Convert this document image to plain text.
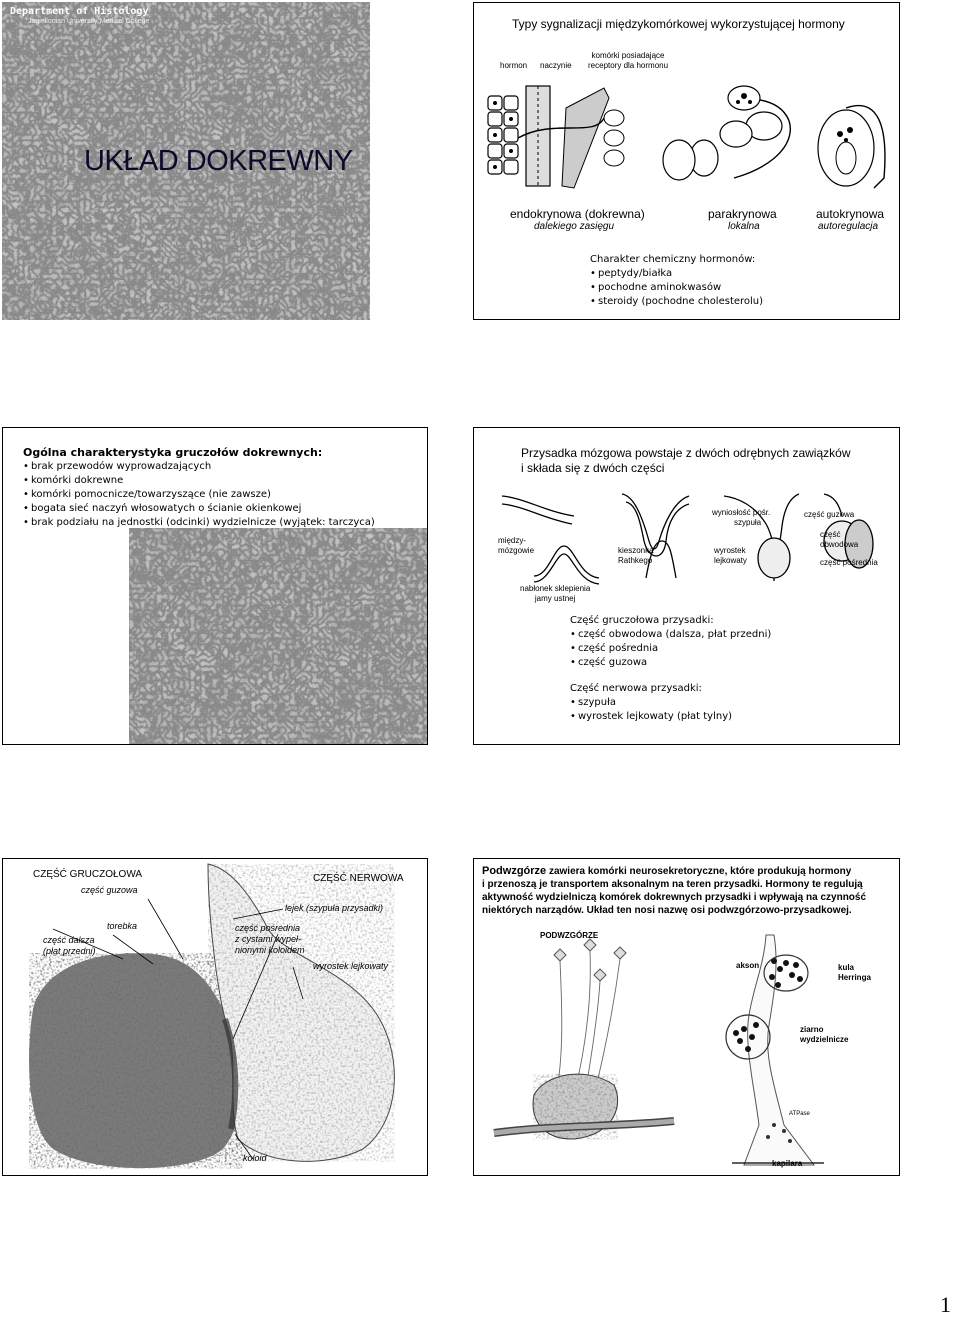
Department of Histology
Jagiellonian University Medical College
UKŁAD DOKREWNY
Typy sygnalizacji międzykomórkowej wykorzystującej hormony
hormon naczynie
komórki posiadające
receptory dla hormonu
endokrynowa (dokrewna)
dalekiego zasięgu
parakrynowa
lokalna
autokrynowa
autoregulacja
Charakter chemiczny hormonów:
• peptydy/białka
• pochodne aminokwasów
• steroidy (pochodne cholesterolu)
Ogólna charakterystyka gruczołów dokrewnych:
• brak przewodów wyprowadzających
• komórki dokrewne
• komórki pomocnicze/towarzyszące (nie zawsze)
• bogata sieć naczyń włosowatych o ścianie okienkowej
• brak podziału na jednostki (odcinki) wydzielnicze (wyjątek: tarczyca)
Przysadka mózgowa powstaje z dwóch odrębnych zawiązków
i składa się z dwóch części
między-
mózgowie
nabłonek sklepienia
jamy ustnej
kieszonka
Rathkego
wyniosłość pośr.
szypuła
wyrostek
lejkowaty
część guzowa
część
obwodowa
część pośrednia
Część gruczołowa przysadki:
• część obwodowa (dalsza, płat przedni)
• część pośrednia
• część guzowa
Część nerwowa przysadki:
• szypuła
• wyrostek lejkowaty (płat tylny)
CZĘŚĆ GRUCZOŁOWA	CZĘŚĆ NERWOWA
część guzowa
torebka
część dalsza
(płat przedni)
lejek (szypuła przysadki)
część pośrednia
z cystami wypeł-
nionymi koloidem
wyrostek lejkowaty
koloid
Podwzgórze zawiera komórki neurosekretoryczne, które produkują hormony
i przenoszą je transportem aksonalnym na teren przysadki. Hormony te regulują
aktywność wydzielniczą komórek dokrewnych przysadki i wpływają na czynność
niektórych narządów. Układ ten nosi nazwę osi podwzgórzowo-przysadkowej.
PODWZGÓRZE
akson	kula
Herringa
ziarno
wydzielnicze
ATPase
kapilara
1
